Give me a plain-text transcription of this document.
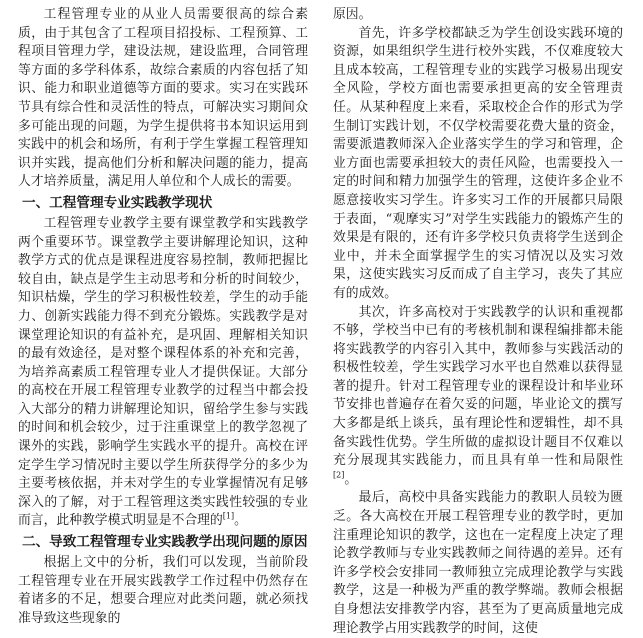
工程管理专业的从业人员需要很高的综合素质，由于其包含了工程项目招投标、工程预算、工程项目管理力学，建设法规，建设监理，合同管理等方面的多学科体系，故综合素质的内容包括了知识、能力和职业道德等方面的要求。实习在实践环节具有综合性和灵活性的特点，可解决实习期间众多可能出现的问题，为学生提供将书本知识运用到实践中的机会和场所，有利于学生掌握工程管理知识并实践，提高他们分析和解决问题的能力，提高人才培养质量，满足用人单位和个人成长的需要。

一、工程管理专业实践教学现状

工程管理专业教学主要有课堂教学和实践教学两个重要环节。课堂教学主要讲解理论知识，这种教学方式的优点是课程进度容易控制，教师把握比较自由，缺点是学生主动思考和分析的时间较少，知识枯燥，学生的学习积极性较差，学生的动手能力、创新实践能力得不到充分锻炼。实践教学是对课堂理论知识的有益补充，是巩固、理解相关知识的最有效途径，是对整个课程体系的补充和完善，为培养高素质工程管理专业人才提供保证。大部分的高校在开展工程管理专业教学的过程当中都会投入大部分的精力讲解理论知识，留给学生参与实践的时间和机会较少，过于注重课堂上的教学忽视了课外的实践，影响学生实践水平的提升。高校在评定学生学习情况时主要以学生所获得学分的多少为主要考核依据，并未对学生的专业掌握情况有足够深入的了解，对于工程管理这类实践性较强的专业而言，此种教学模式明显是不合理的[1]。

二、导致工程管理专业实践教学出现问题的原因

根据上文中的分析，我们可以发现，当前阶段工程管理专业在开展实践教学工作过程中仍然存在着诸多的不足，想要合理应对此类问题，就必须找准导致这些现象的

原因。

首先，许多学校都缺乏为学生创设实践环境的资源，如果组织学生进行校外实践，不仅难度较大且成本较高，工程管理专业的实践学习极易出现安全风险，学校方面也需要承担更高的安全管理责任。从某种程度上来看，采取校企合作的形式为学生制订实践计划，不仅学校需要花费大量的资金，需要派遣教师深入企业落实学生的学习和管理，企业方面也需要承担较大的责任风险，也需要投入一定的时间和精力加强学生的管理，这使许多企业不愿意接收实习学生。许多实习工作的开展都只局限于表面，“观摩实习”对学生实践能力的锻炼产生的效果是有限的，还有许多学校只负责将学生送到企业中，并未全面掌握学生的实习情况以及实习效果，这使实践实习反而成了自主学习，丧失了其应有的成效。

其次，许多高校对于实践教学的认识和重视都不够，学校当中已有的考核机制和课程编排都未能将实践教学的内容引入其中，教师参与实践活动的积极性较差，学生实践学习水平也自然难以获得显著的提升。针对工程管理专业的课程设计和毕业环节安排也普遍存在着欠妥的问题，毕业论文的撰写大多都是纸上谈兵，虽有理论性和逻辑性，却不具备实践性优势。学生所做的虚拟设计题目不仅难以充分展现其实践能力，而且具有单一性和局限性[2]。

最后，高校中具备实践能力的教职人员较为匮乏。各大高校在开展工程管理专业的教学时，更加注重理论知识的教学，这也在一定程度上决定了理论教学教师与专业实践教师之间待遇的差异。还有许多学校会安排同一教师独立完成理论教学与实践教学，这是一种极为严重的教学弊端。教师会根据自身想法安排教学内容，甚至为了更高质量地完成理论教学占用实践教学的时间，这使
